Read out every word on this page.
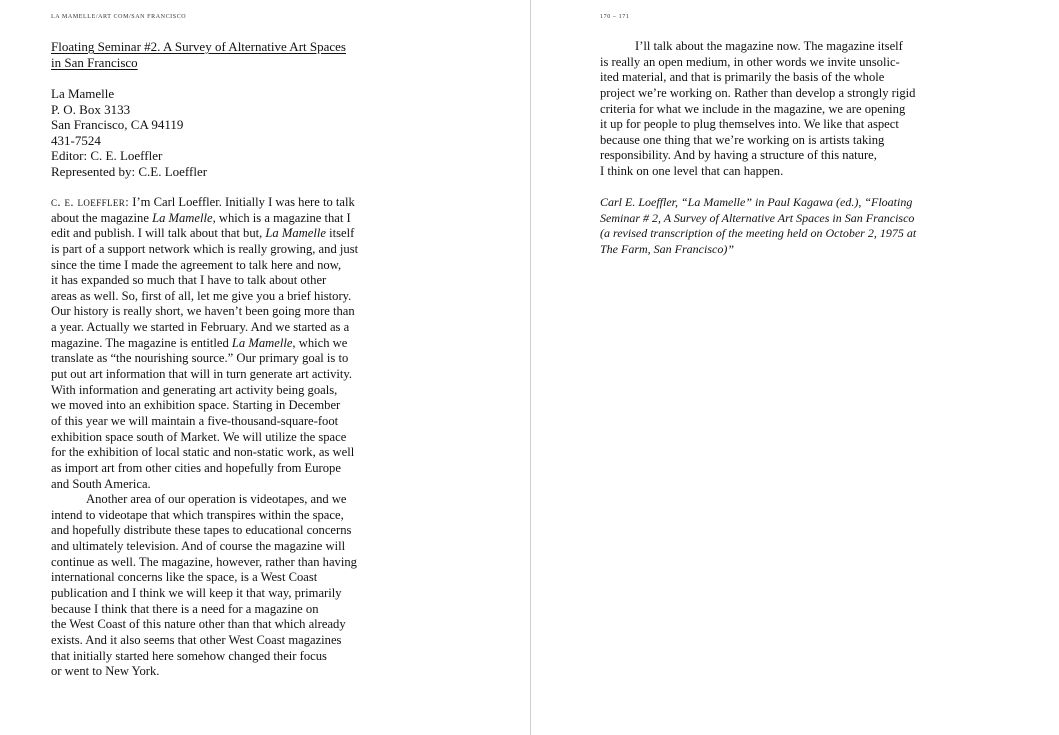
LA MAMELLE/ART COM/SAN FRANCISCO
Floating Seminar #2. A Survey of Alternative Art Spaces
in San Francisco
La Mamelle
P. O. Box 3133
San Francisco, CA 94119
431-7524
Editor: C. E. Loeffler
Represented by: C.E. Loeffler
c. e. loeffler: I’m Carl Loeffler. Initially I was here to talk
about the magazine La Mamelle, which is a magazine that I
edit and publish. I will talk about that but, La Mamelle itself
is part of a support network which is really growing, and just
since the time I made the agreement to talk here and now,
it has expanded so much that I have to talk about other
areas as well. So, first of all, let me give you a brief history.
Our history is really short, we haven’t been going more than
a year. Actually we started in February. And we started as a
magazine. The magazine is entitled La Mamelle, which we
translate as “the nourishing source.” Our primary goal is to
put out art information that will in turn generate art activity.
With information and generating art activity being goals,
we moved into an exhibition space. Starting in December
of this year we will maintain a five-thousand-square-foot
exhibition space south of Market. We will utilize the space
for the exhibition of local static and non-static work, as well
as import art from other cities and hopefully from Europe
and South America.
Another area of our operation is videotapes, and we
intend to videotape that which transpires within the space,
and hopefully distribute these tapes to educational concerns
and ultimately television. And of course the magazine will
continue as well. The magazine, however, rather than having
international concerns like the space, is a West Coast
publication and I think we will keep it that way, primarily
because I think that there is a need for a magazine on
the West Coast of this nature other than that which already
exists. And it also seems that other West Coast magazines
that initially started here somehow changed their focus
or went to New York.
170 – 171
I’ll talk about the magazine now. The magazine itself
is really an open medium, in other words we invite unsolic-
ited material, and that is primarily the basis of the whole
project we’re working on. Rather than develop a strongly rigid
criteria for what we include in the magazine, we are opening
it up for people to plug themselves into. We like that aspect
because one thing that we’re working on is artists taking
responsibility. And by having a structure of this nature,
I think on one level that can happen.
Carl E. Loeffler, “La Mamelle” in Paul Kagawa (ed.), “Floating
Seminar # 2, A Survey of Alternative Art Spaces in San Francisco
(a revised transcription of the meeting held on October 2, 1975 at
The Farm, San Francisco)”
